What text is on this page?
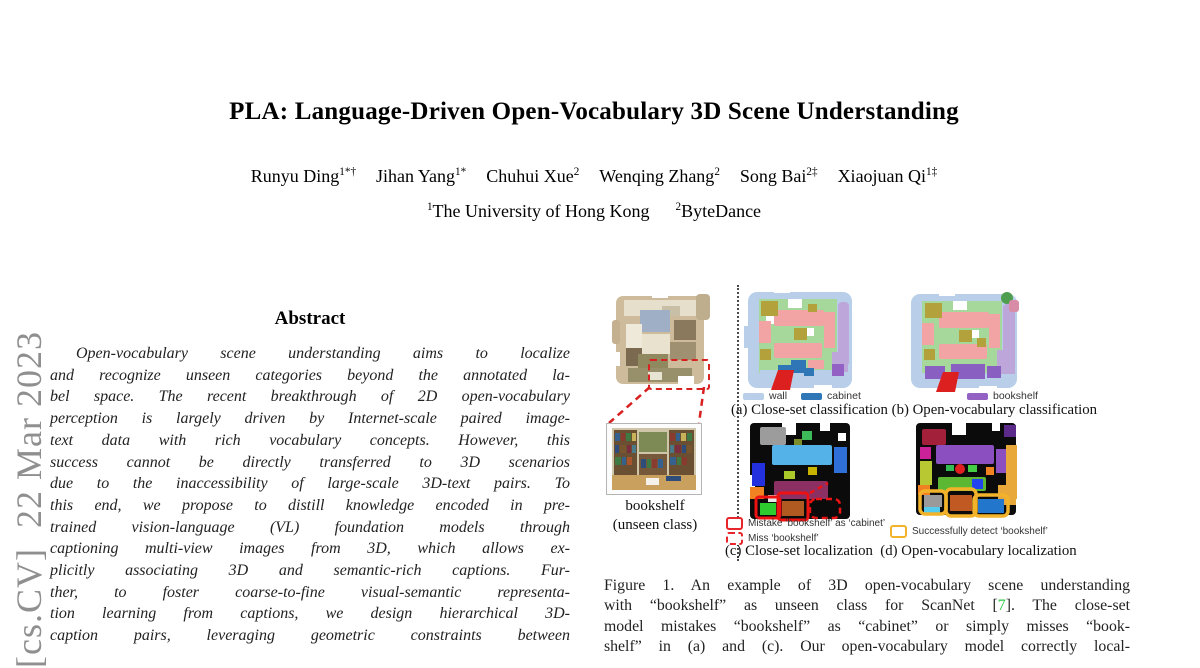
[cs.CV]  22 Mar 2023
PLA: Language-Driven Open-Vocabulary 3D Scene Understanding
Runyu Ding$^{1*\dagger}$ Jihan Yang$^{1*}$ Chuhui Xue$^2$ Wenqing Zhang$^2$ Song Bai$^{2\ddagger}$ Xiaojuan $Qi^{1\ddagger}$
$^1$The University of Hong Kong $^2$ByteDance
Abstract
Open-vocabulary scene understanding aims to localize
and recognize unseen categories beyond the annotated la-
bel space. The recent breakthrough of 2D open-vocabulary
perception is largely driven by Internet-scale paired image-
text data with rich vocabulary concepts. However, this
success cannot be directly transferred to 3D scenarios
due to the inaccessibility of large-scale 3D-text pairs. To
this end, we propose to distill knowledge encoded in pre-
trained vision-language (VL) foundation models through
captioning multi-view images from 3D, which allows ex-
plicitly associating 3D and semantic-rich captions. Fur-
ther, to foster coarse-to-fine visual-semantic representa-
tion learning from captions, we design hierarchical 3D-
caption pairs, leveraging geometric constraints between
bookshelf
(unseen class)
wall	cabinet	bookshelf
(a) Close-set classification (b) Open-vocabulary classification
Mistake ‘bookshelf’ as ‘cabinet’
Miss ‘bookshelf’
Successfully detect ‘bookshelf’
(c) Close-set localization  (d) Open-vocabulary localization
Figure 1. An example of 3D open-vocabulary scene understanding
with “bookshelf” as unseen class for ScanNet [7]. The close-set
model mistakes “bookshelf” as “cabinet” or simply misses “book-
shelf” in (a) and (c). Our open-vocabulary model correctly local-
